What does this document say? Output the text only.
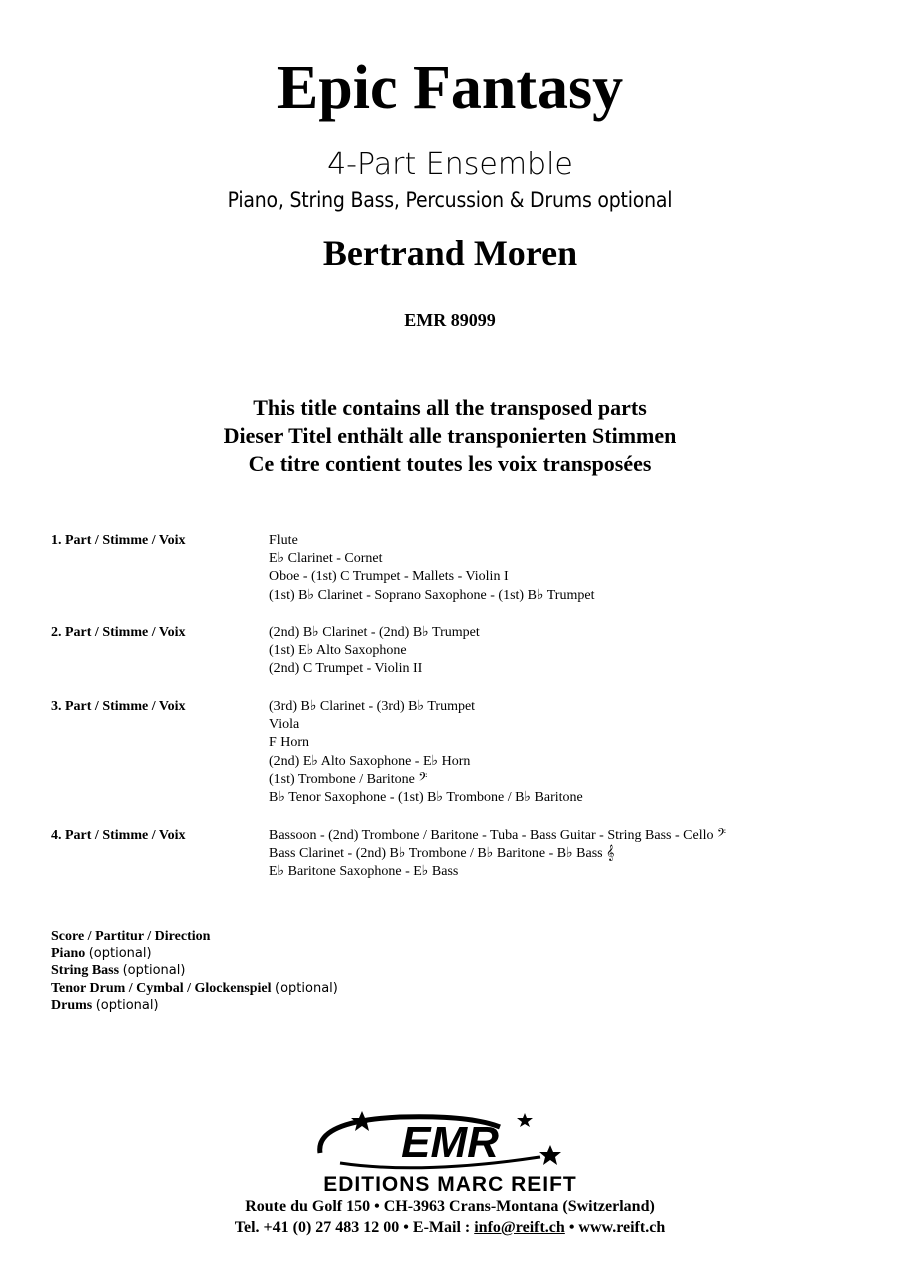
Epic Fantasy
4-Part Ensemble
Piano, String Bass, Percussion & Drums optional
Bertrand Moren
EMR 89099
This title contains all the transposed parts
Dieser Titel enthält alle transponierten Stimmen
Ce titre contient toutes les voix transposées
1. Part / Stimme / Voix	Flute
E♭ Clarinet - Cornet
Oboe - (1st) C Trumpet - Mallets - Violin I
(1st) B♭ Clarinet - Soprano Saxophone - (1st) B♭ Trumpet
2. Part / Stimme / Voix	(2nd) B♭ Clarinet - (2nd) B♭ Trumpet
(1st) E♭ Alto Saxophone
(2nd) C Trumpet - Violin II
3. Part / Stimme / Voix	(3rd) B♭ Clarinet - (3rd) B♭ Trumpet
Viola
F Horn
(2nd) E♭ Alto Saxophone - E♭ Horn
(1st) Trombone / Baritone 𝄢
B♭ Tenor Saxophone - (1st) B♭ Trombone / B♭ Baritone
4. Part / Stimme / Voix	Bassoon - (2nd) Trombone / Baritone - Tuba - Bass Guitar - String Bass - Cello 𝄢
Bass Clarinet - (2nd) B♭ Trombone / B♭ Baritone - B♭ Bass 𝄞
E♭ Baritone Saxophone - E♭ Bass
Score / Partitur / Direction
Piano (optional)
String Bass (optional)
Tenor Drum / Cymbal / Glockenspiel (optional)
Drums (optional)
EMR
EDITIONS MARC REIFT
Route du Golf 150 • CH-3963 Crans-Montana (Switzerland)
Tel. +41 (0) 27 483 12 00 • E-Mail : info@reift.ch • www.reift.ch
